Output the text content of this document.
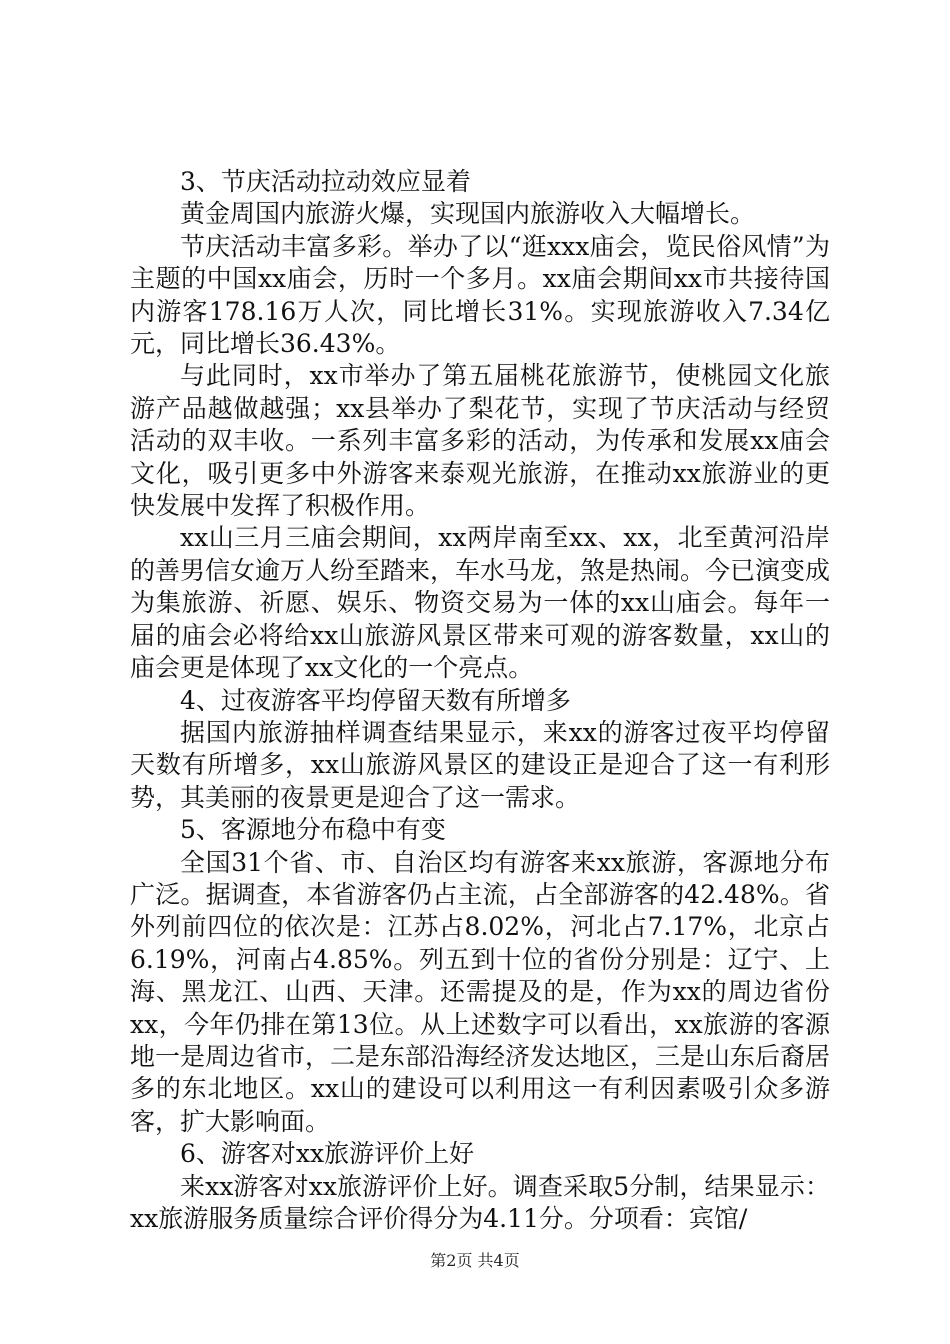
3、节庆活动拉动效应显着

黄金周国内旅游火爆，实现国内旅游收入大幅增长。

节庆活动丰富多彩。举办了以“逛xxx庙会，览民俗风情”为主题的中国xx庙会，历时一个多月。xx庙会期间xx市共接待国内游客178.16万人次，同比增长31%。实现旅游收入7.34亿元，同比增长36.43%。

与此同时，xx市举办了第五届桃花旅游节，使桃园文化旅游产品越做越强；xx县举办了梨花节，实现了节庆活动与经贸活动的双丰收。一系列丰富多彩的活动，为传承和发展xx庙会文化，吸引更多中外游客来泰观光旅游，在推动xx旅游业的更快发展中发挥了积极作用。

xx山三月三庙会期间，xx两岸南至xx、xx，北至黄河沿岸的善男信女逾万人纷至踏来，车水马龙，煞是热闹。今已演变成为集旅游、祈愿、娱乐、物资交易为一体的xx山庙会。每年一届的庙会必将给xx山旅游风景区带来可观的游客数量，xx山的庙会更是体现了xx文化的一个亮点。

4、过夜游客平均停留天数有所增多

据国内旅游抽样调查结果显示，来xx的游客过夜平均停留天数有所增多，xx山旅游风景区的建设正是迎合了这一有利形势，其美丽的夜景更是迎合了这一需求。

5、客源地分布稳中有变

全国31个省、市、自治区均有游客来xx旅游，客源地分布广泛。据调查，本省游客仍占主流，占全部游客的42.48%。省外列前四位的依次是：江苏占8.02%，河北占7.17%，北京占6.19%，河南占4.85%。列五到十位的省份分别是：辽宁、上海、黑龙江、山西、天津。还需提及的是，作为xx的周边省份xx，今年仍排在第13位。从上述数字可以看出，xx旅游的客源地一是周边省市，二是东部沿海经济发达地区，三是山东后裔居多的东北地区。xx山的建设可以利用这一有利因素吸引众多游客，扩大影响面。

6、游客对xx旅游评价上好

来xx游客对xx旅游评价上好。调查采取5分制，结果显示：xx旅游服务质量综合评价得分为4.11分。分项看：宾馆/

第2页 共4页
